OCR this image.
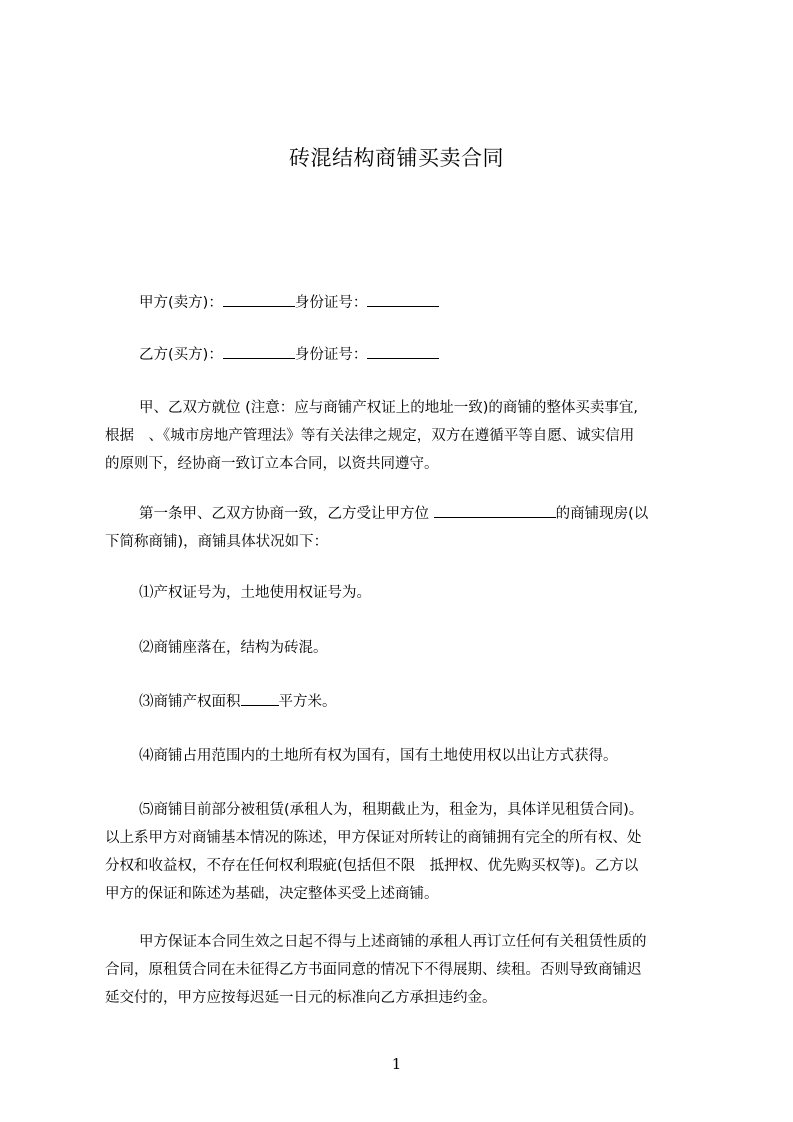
砖混结构商铺买卖合同
甲方(卖方)：	身份证号：
乙方(买方)：	身份证号：
甲、乙双方就位 (注意：应与商铺产权证上的地址一致)的商铺的整体买卖事宜,
根据　、《城市房地产管理法》等有关法律之规定，双方在遵循平等自愿、诚实信用
的原则下，经协商一致订立本合同，以资共同遵守。
第一条甲、乙双方协商一致，乙方受让甲方位	的商铺现房(以
下简称商铺)，商铺具体状况如下：
⑴产权证号为，土地使用权证号为。
⑵商铺座落在，结构为砖混。
⑶商铺产权面积	平方米。
⑷商铺占用范围内的土地所有权为国有，国有土地使用权以出让方式获得。
⑸商铺目前部分被租赁(承租人为，租期截止为，租金为，具体详见租赁合同)。
以上系甲方对商铺基本情况的陈述，甲方保证对所转让的商铺拥有完全的所有权、处
分权和收益权，不存在任何权利瑕疵(包括但不限　抵押权、优先购买权等)。乙方以
甲方的保证和陈述为基础，决定整体买受上述商铺。
甲方保证本合同生效之日起不得与上述商铺的承租人再订立任何有关租赁性质的
合同，原租赁合同在未征得乙方书面同意的情况下不得展期、续租。否则导致商铺迟
延交付的，甲方应按每迟延一日元的标准向乙方承担违约金。
1
